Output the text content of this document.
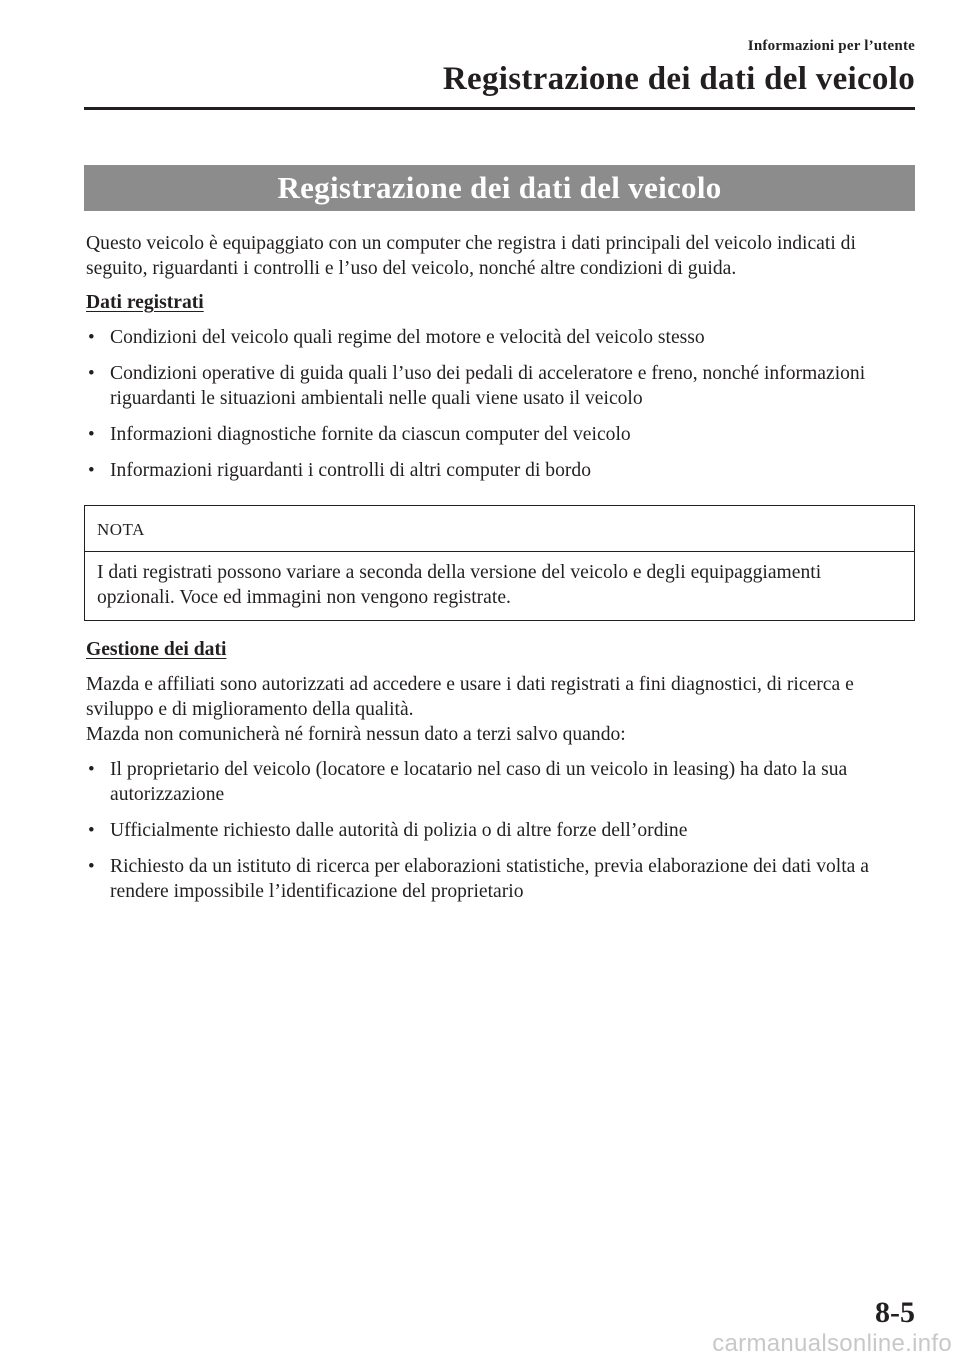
Informazioni per l’utente
Registrazione dei dati del veicolo
Registrazione dei dati del veicolo

Questo veicolo è equipaggiato con un computer che registra i dati principali del veicolo indicati di seguito, riguardanti i controlli e l’uso del veicolo, nonché altre condizioni di guida.

Dati registrati

• Condizioni del veicolo quali regime del motore e velocità del veicolo stesso
• Condizioni operative di guida quali l’uso dei pedali di acceleratore e freno, nonché informazioni riguardanti le situazioni ambientali nelle quali viene usato il veicolo
• Informazioni diagnostiche fornite da ciascun computer del veicolo
• Informazioni riguardanti i controlli di altri computer di bordo
NOTA
I dati registrati possono variare a seconda della versione del veicolo e degli equipaggiamenti opzionali. Voce ed immagini non vengono registrate.

Gestione dei dati

Mazda e affiliati sono autorizzati ad accedere e usare i dati registrati a fini diagnostici, di ricerca e sviluppo e di miglioramento della qualità.

Mazda non comunicherà né fornirà nessun dato a terzi salvo quando:

• Il proprietario del veicolo (locatore e locatario nel caso di un veicolo in leasing) ha dato la sua autorizzazione
• Ufficialmente richiesto dalle autorità di polizia o di altre forze dell’ordine
• Richiesto da un istituto di ricerca per elaborazioni statistiche, previa elaborazione dei dati volta a rendere impossibile l’identificazione del proprietario
8-5
carmanualsonline.info
